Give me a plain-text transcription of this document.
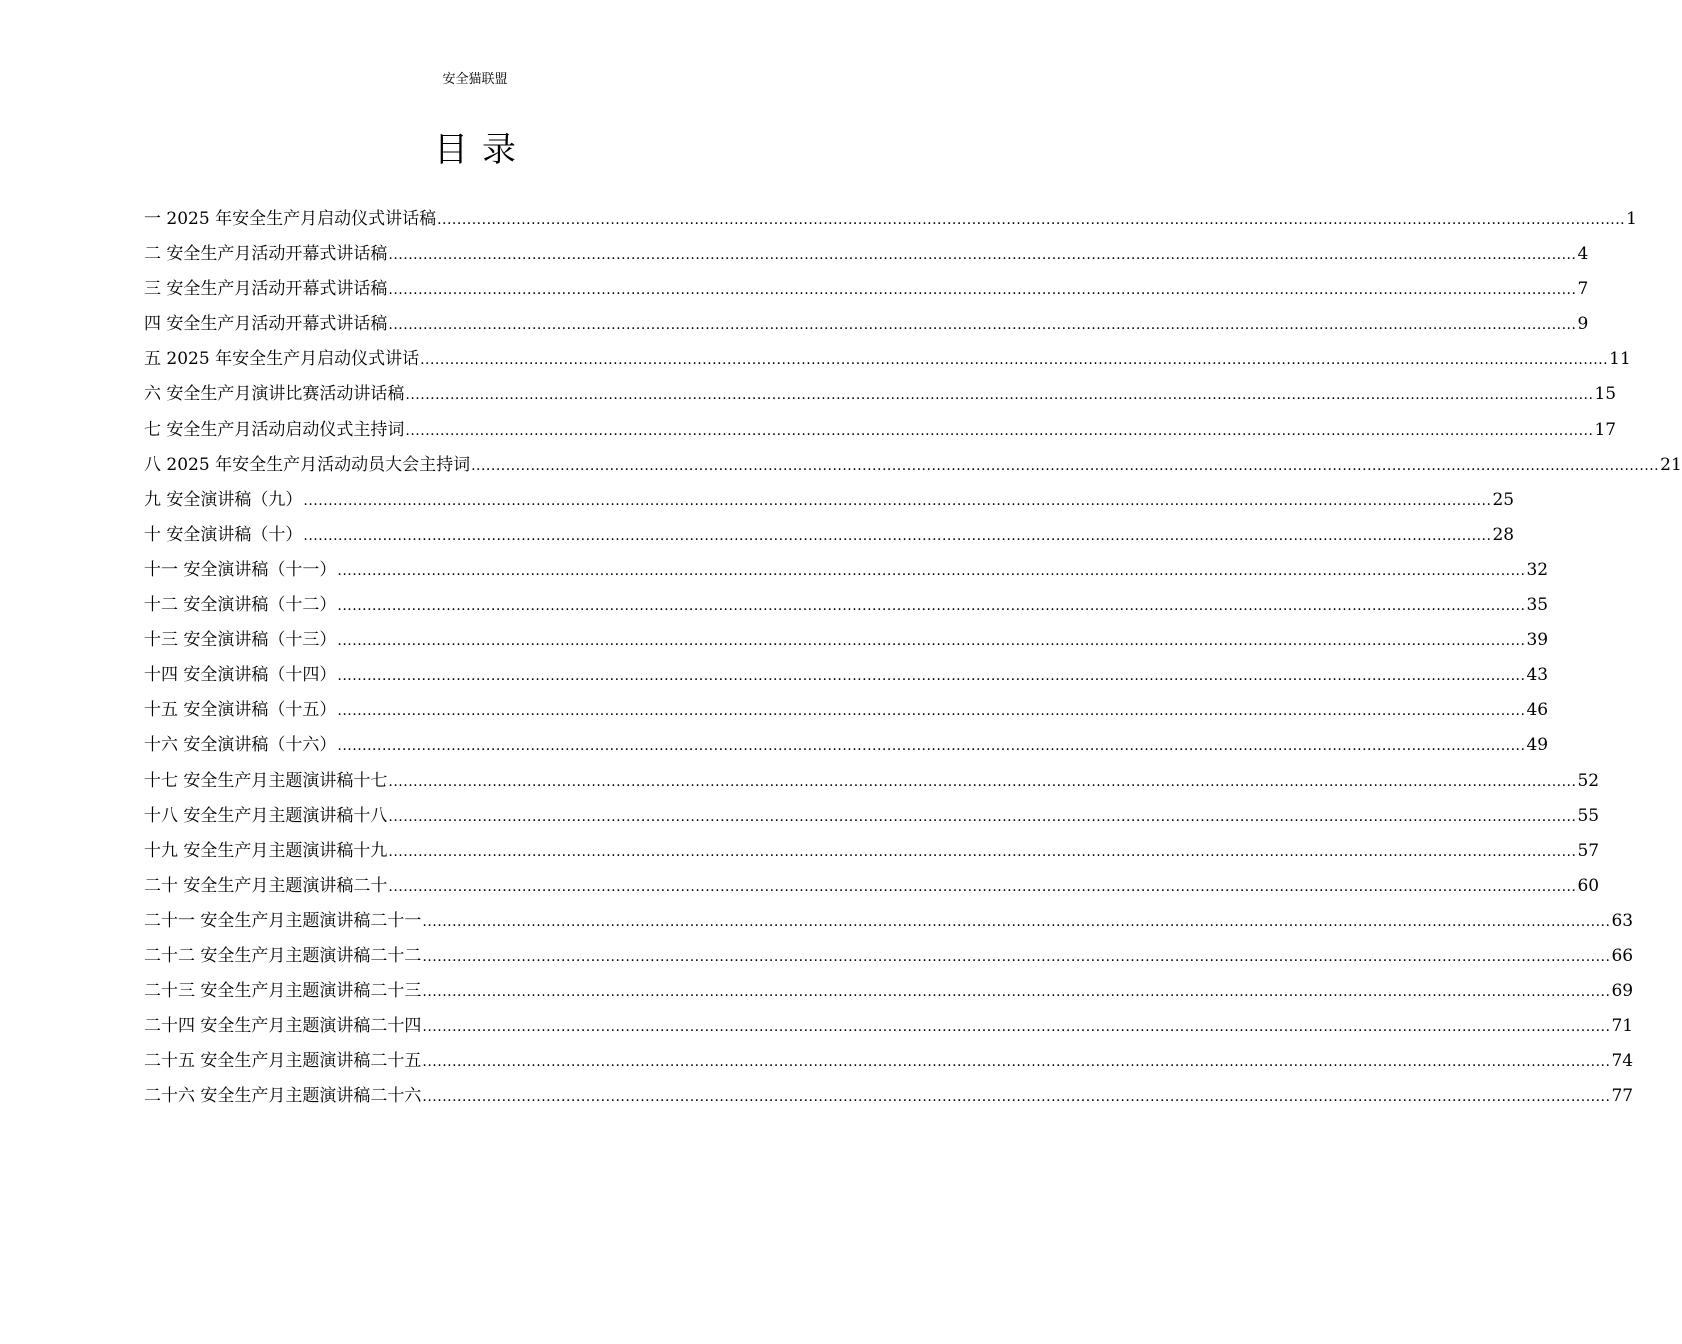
安全猫联盟
目录
一 2025 年安全生产月启动仪式讲话稿 ................................................................................................................................................................................................................................................ 1
二 安全生产月活动开幕式讲话稿 ................................................................................................................................................................................................................................................ 4
三 安全生产月活动开幕式讲话稿 ................................................................................................................................................................................................................................................ 7
四 安全生产月活动开幕式讲话稿 ................................................................................................................................................................................................................................................ 9
五 2025 年安全生产月启动仪式讲话 ................................................................................................................................................................................................................................................ 11
六 安全生产月演讲比赛活动讲话稿 ................................................................................................................................................................................................................................................ 15
七 安全生产月活动启动仪式主持词 ................................................................................................................................................................................................................................................ 17
八 2025 年安全生产月活动动员大会主持词 ................................................................................................................................................................................................................................................ 21
九 安全演讲稿（九） ................................................................................................................................................................................................................................................ 25
十 安全演讲稿（十） ................................................................................................................................................................................................................................................ 28
十一 安全演讲稿（十一） ................................................................................................................................................................................................................................................ 32
十二 安全演讲稿（十二） ................................................................................................................................................................................................................................................ 35
十三 安全演讲稿（十三） ................................................................................................................................................................................................................................................ 39
十四 安全演讲稿（十四） ................................................................................................................................................................................................................................................ 43
十五 安全演讲稿（十五） ................................................................................................................................................................................................................................................ 46
十六 安全演讲稿（十六） ................................................................................................................................................................................................................................................ 49
十七 安全生产月主题演讲稿十七 ................................................................................................................................................................................................................................................ 52
十八 安全生产月主题演讲稿十八 ................................................................................................................................................................................................................................................ 55
十九 安全生产月主题演讲稿十九 ................................................................................................................................................................................................................................................ 57
二十 安全生产月主题演讲稿二十 ................................................................................................................................................................................................................................................ 60
二十一 安全生产月主题演讲稿二十一 ................................................................................................................................................................................................................................................ 63
二十二 安全生产月主题演讲稿二十二 ................................................................................................................................................................................................................................................ 66
二十三 安全生产月主题演讲稿二十三 ................................................................................................................................................................................................................................................ 69
二十四 安全生产月主题演讲稿二十四 ................................................................................................................................................................................................................................................ 71
二十五 安全生产月主题演讲稿二十五 ................................................................................................................................................................................................................................................ 74
二十六 安全生产月主题演讲稿二十六 ................................................................................................................................................................................................................................................ 77
